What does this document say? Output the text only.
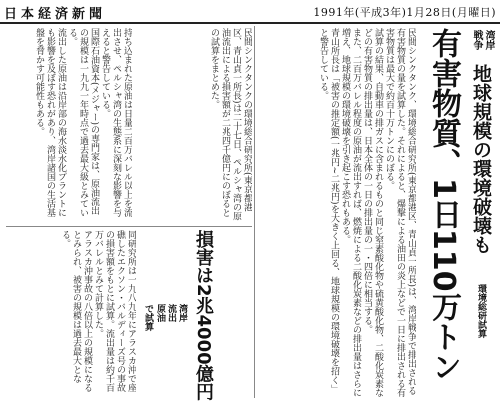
日本経済新聞	1991年(平成3年)1月28日(月曜日)
有害物質、1日110万トン 戦争 湾岸
地球規模の環境破壊も
環境総研試算

民間シンクタンク、環境総合研究所(東京都港区、青山貞一所長)は、湾岸戦争で排出される有害物質の量を試算した。それによると、爆撃による油田の炎上などで一日に排出される有害物質は最大で約百十万トンにのぼる。

試算の結果、自動車の排ガスに含まれるものと同じ窒素酸化物や硫黄酸化物、二酸化炭素などの有害物質の排出量は、日本全体の一日の排出量の一・四倍に相当する。

また、二百万バレル程度の原油が流出すれば、燃焼による二酸化炭素などの排出量はさらに増え、地球規模の環境破壊を引き起こす恐れもある。

青山所長は「被害の推定額(一兆円~二兆円)を大きく上回る、地球規模の環境破壊を招く」と警告している。

損害は2兆4000億円
湾岸
流出
原油
で試算

民間シンクタンクの環境総合研究所(東京都港区、青山貞一所長)は二十七日、ペルシャ湾の原油流出による損害額が二兆四千億円にのぼるとの試算をまとめた。

同研究所は一九八九年にアラスカ沖で座礁したエクソン・バルディーズ号の事故の損害額をもとに試算。流出量は約千百万バレルとみて計算した。

アラスカ沖事故の八倍以上の規模になるとみられ、被害の規模は過去最大となる。

持ち込まれた原油は日量二百万バレル以上を流出させ、ペルシャ湾の生態系に深刻な影響を与えると警告している。

国際石油資本(メジャー)の専門家は、原油流出の規模は一九九一年時点で過去最大級とみている。

流出した原油は沿岸部の海水淡水化プラントにも影響を及ぼす恐れがあり、湾岸諸国の生活基盤を脅かす可能性もある。
